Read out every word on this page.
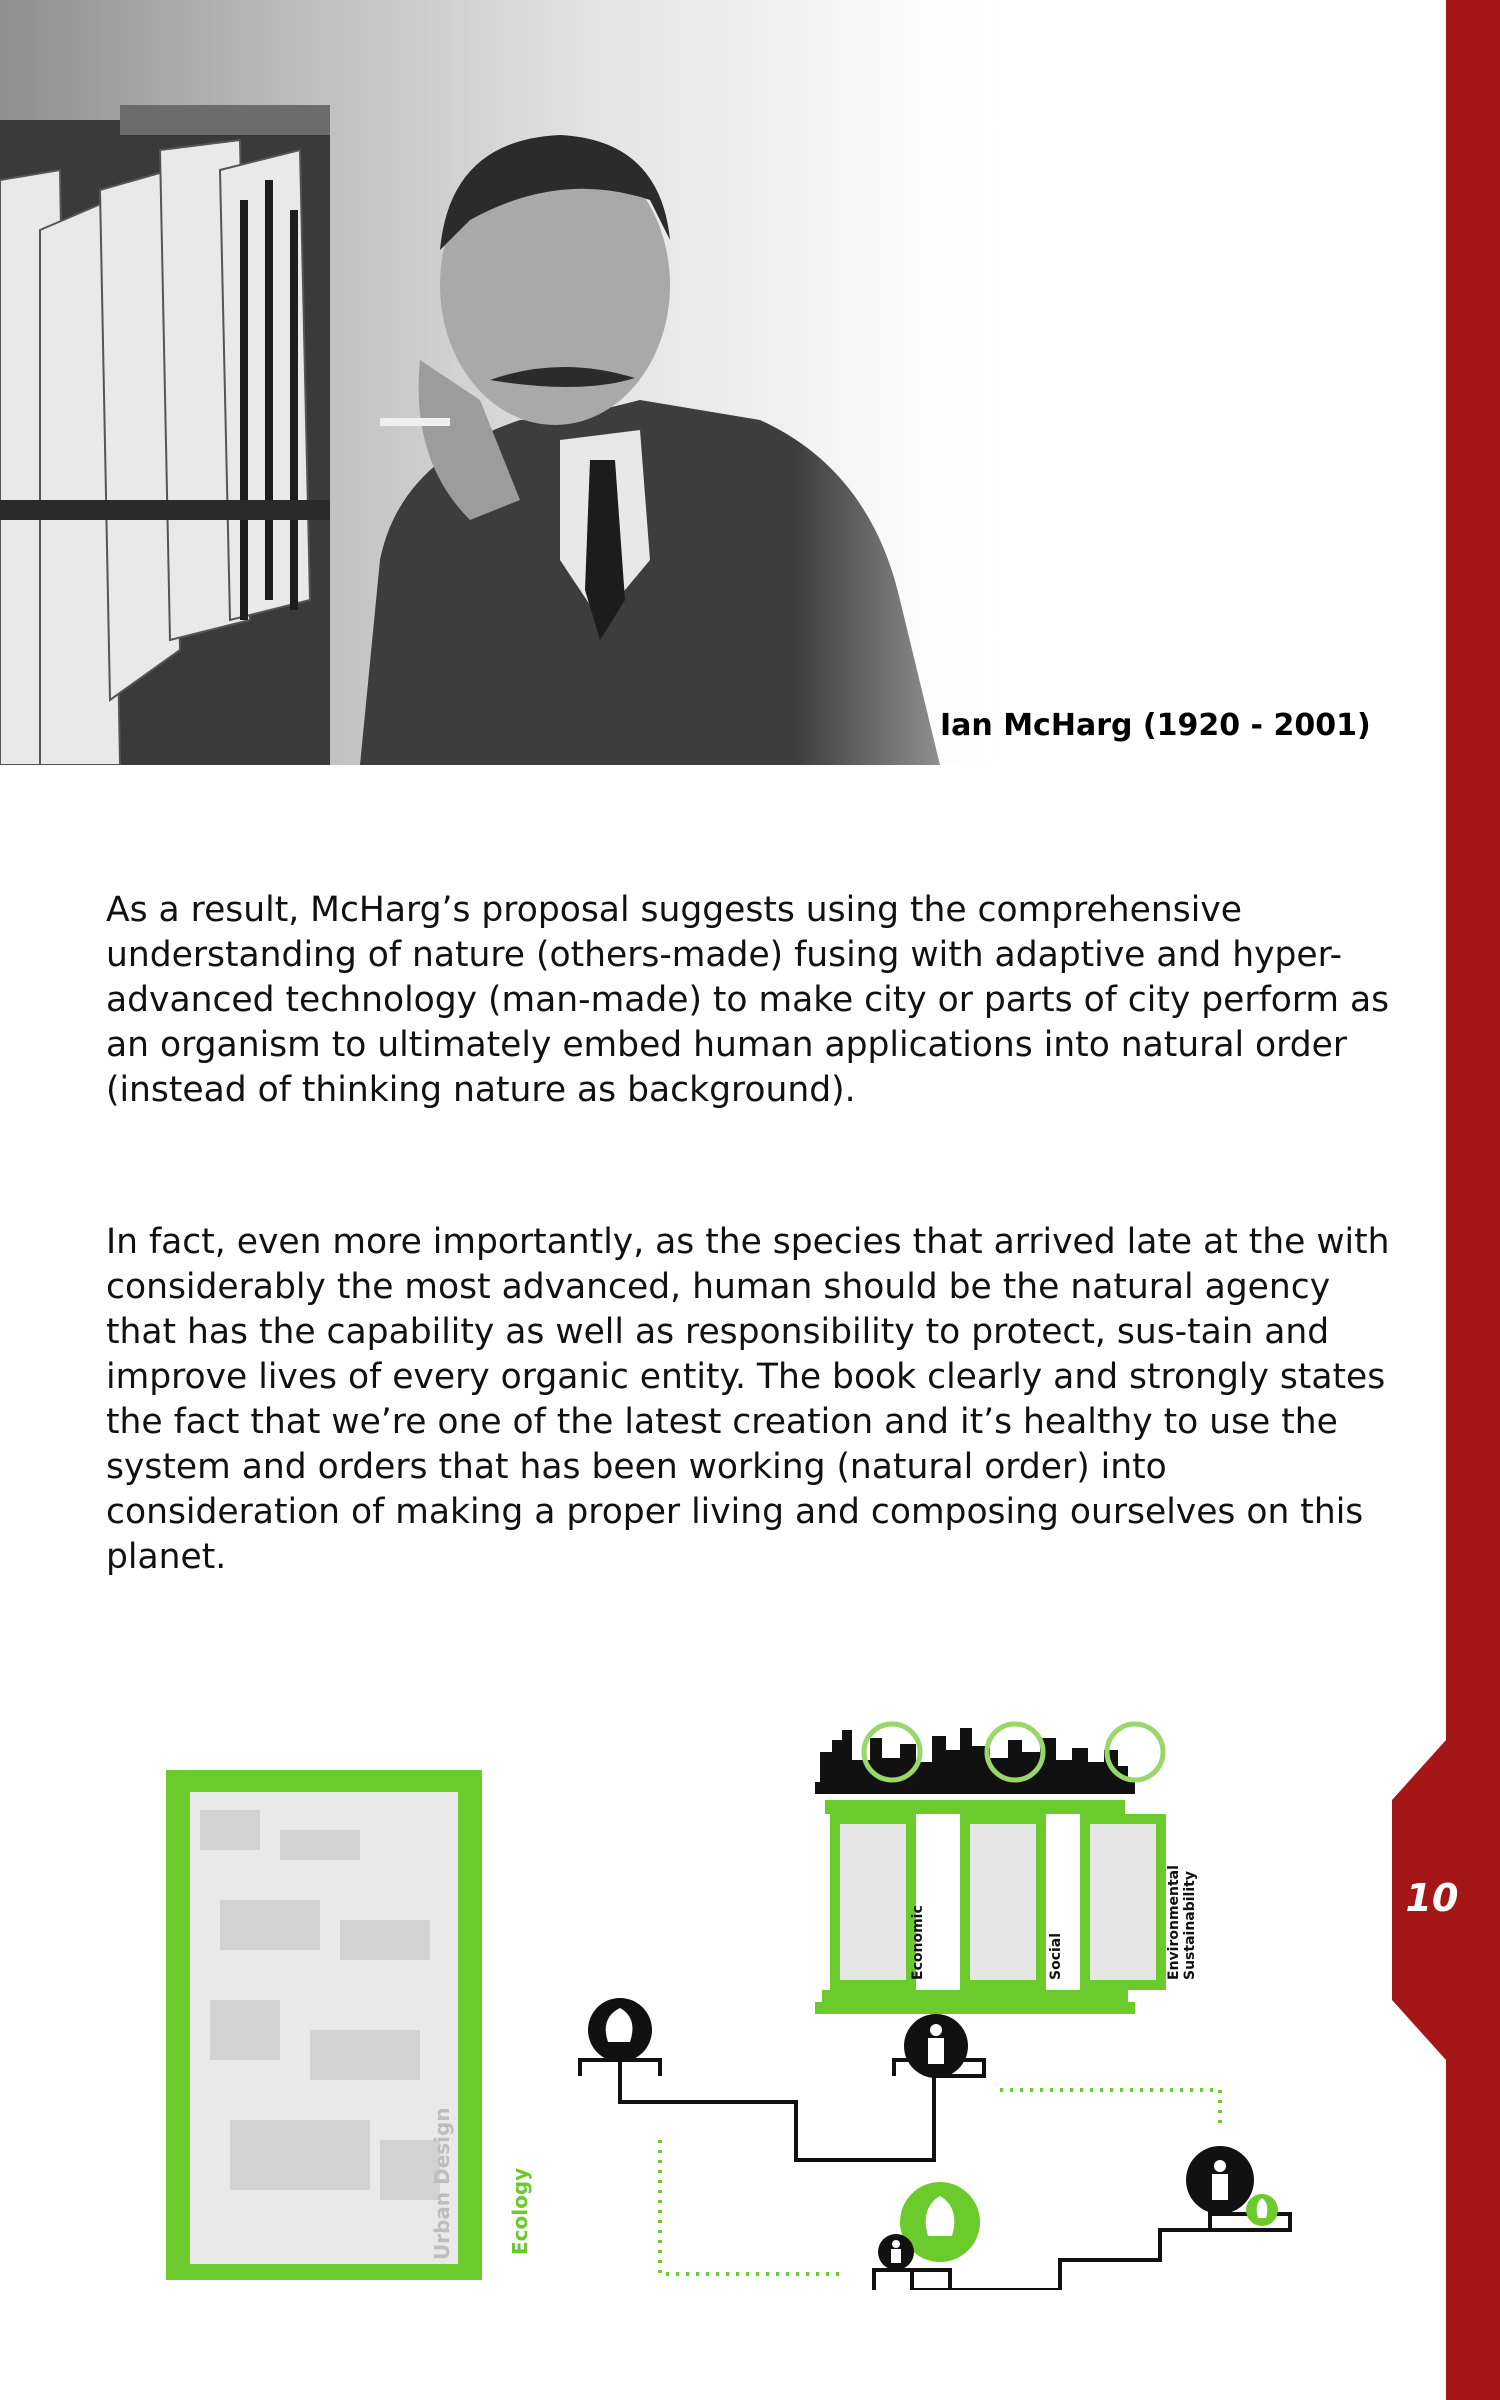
Ian McHarg (1920 - 2001)

As a result, McHarg’s proposal suggests using the comprehensive understanding of nature (others-made) fusing with adaptive and hyper-advanced technology (man-made) to make city or parts of city perform as an organism to ultimately embed human applications into natural order (instead of thinking nature as background).

In fact, even more importantly, as the species that arrived late at the with considerably the most advanced, human should be the natural agency that has the capability as well as responsibility to protect, sus-tain and improve lives of every organic entity. The book clearly and strongly states the fact that we’re one of the latest creation and it’s healthy to use the system and orders that has been working (natural order) into consideration of making a proper living and composing ourselves on this planet.

Urban Design	Ecology
Economic	Social	Environmental Sustainability	10
